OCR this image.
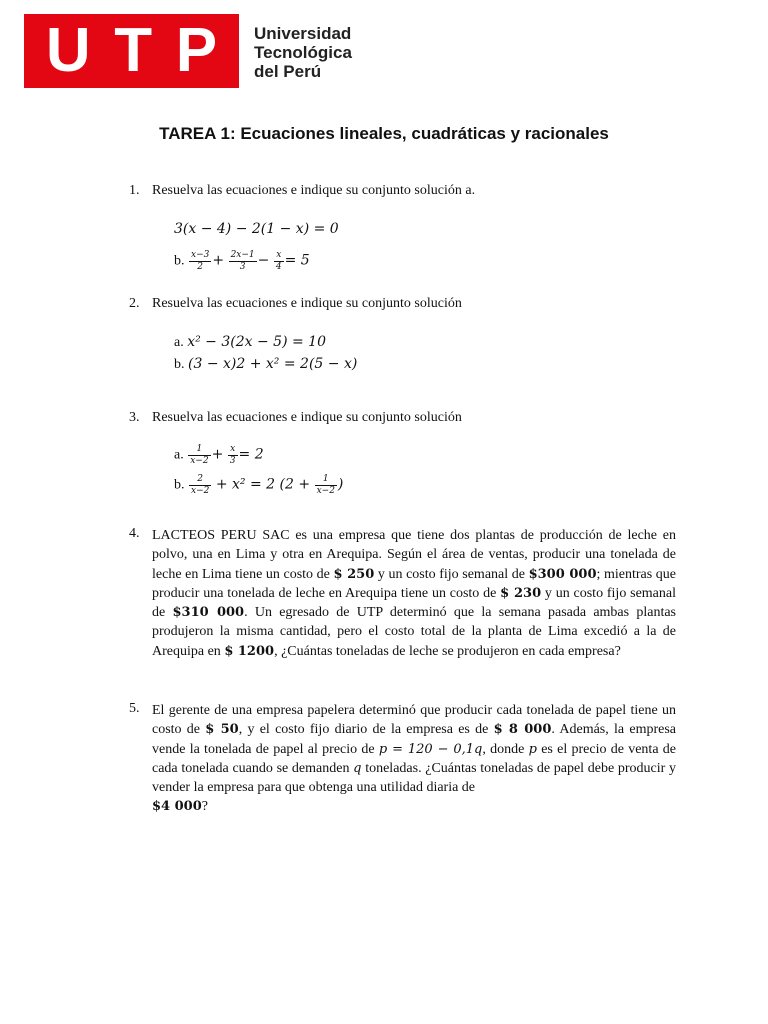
U T P Universidad
Tecnológica
del Perú
TAREA 1: Ecuaciones lineales, cuadráticas y racionales
1. Resuelva las ecuaciones e indique su conjunto solución a.
3(x − 4) − 2(1 − x) = 0
b. $\frac{x-3}{2} + \frac{2x-1}{3} - \frac{x}{4} = 5$
2. Resuelva las ecuaciones e indique su conjunto solución
a. x² − 3(2x − 5) = 10
b. (3 − x)2 + x² = 2(5 − x)
3. Resuelva las ecuaciones e indique su conjunto solución
a. $\frac{1}{x-2} + \frac{x}{3} = 2$
b. $\frac{2}{x-2} + x^2 = 2$ ($2 + \frac{1}{x-2}$ )
4. LACTEOS PERU SAC es una empresa que tiene dos plantas de producción de leche en polvo, una en Lima y otra en Arequipa. Según el área de ventas, producir una tonelada de leche en Lima tiene un costo de $ 250 y un costo fijo semanal de $300 000; mientras que producir una tonelada de leche en Arequipa tiene un costo de $ 230 y un costo fijo semanal de $310 000. Un egresado de UTP determinó que la semana pasada ambas plantas produjeron la misma cantidad, pero el costo total de la planta de Lima excedió a la de Arequipa en $ 1200, ¿Cuántas toneladas de leche se produjeron en cada empresa?
5. El gerente de una empresa papelera determinó que producir cada tonelada de papel tiene un costo de $ 50, y el costo fijo diario de la empresa es de $ 8 000. Además, la empresa vende la tonelada de papel al precio de p = 120 − 0,1q, donde p es el precio de venta de cada tonelada cuando se demanden q toneladas. ¿Cuántas toneladas de papel debe producir y vender la empresa para que obtenga una utilidad diaria de
$4 000?
